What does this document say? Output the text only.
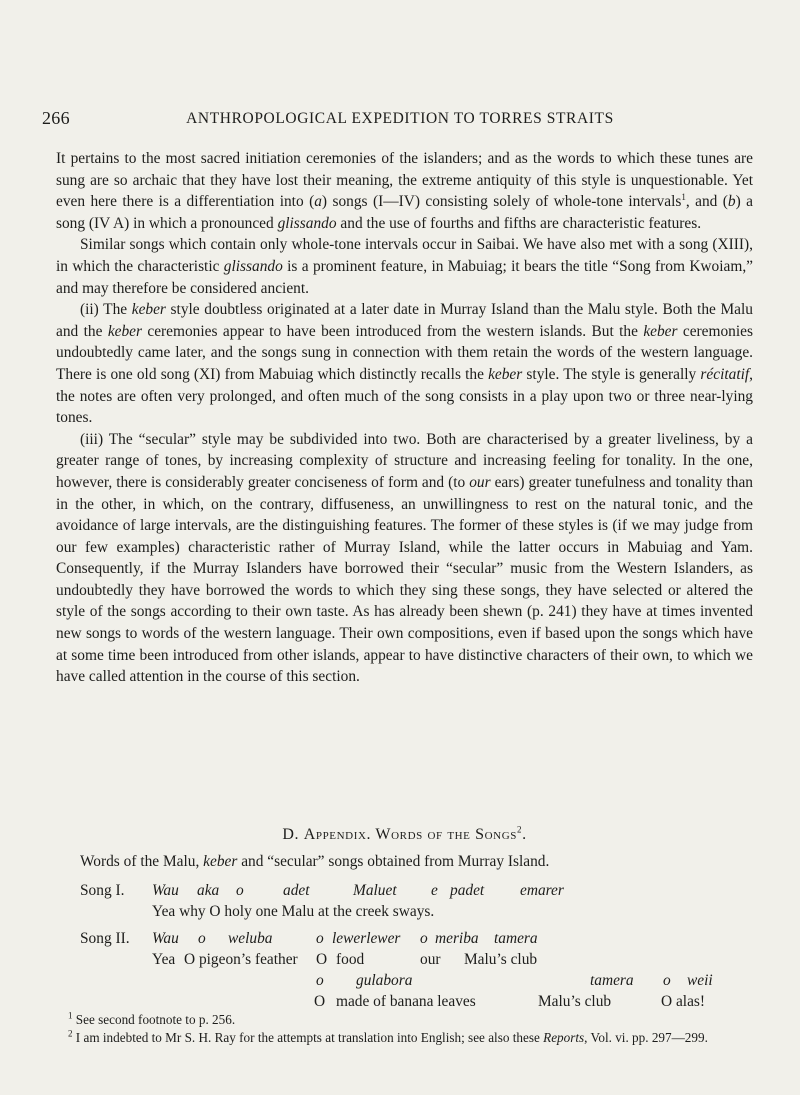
266	ANTHROPOLOGICAL EXPEDITION TO TORRES STRAITS

It pertains to the most sacred initiation ceremonies of the islanders; and as the words to which these tunes are sung are so archaic that they have lost their meaning, the extreme antiquity of this style is unquestionable. Yet even here there is a differentiation into (a) songs (I—IV) consisting solely of whole-tone intervals$^1$, and (b) a song (IV A) in which a pronounced glissando and the use of fourths and fifths are characteristic features.

Similar songs which contain only whole-tone intervals occur in Saibai. We have also met with a song (XIII), in which the characteristic glissando is a prominent feature, in Mabuiag; it bears the title “Song from Kwoiam,” and may therefore be considered ancient.

(ii) The keber style doubtless originated at a later date in Murray Island than the Malu style. Both the Malu and the keber ceremonies appear to have been introduced from the western islands. But the keber ceremonies undoubtedly came later, and the songs sung in connection with them retain the words of the western language. There is one old song (XI) from Mabuiag which distinctly recalls the keber style. The style is generally récitatif, the notes are often very prolonged, and often much of the song consists in a play upon two or three near-lying tones.

(iii) The “secular” style may be subdivided into two. Both are characterised by a greater liveliness, by a greater range of tones, by increasing complexity of structure and increasing feeling for tonality. In the one, however, there is considerably greater conciseness of form and (to our ears) greater tunefulness and tonality than in the other, in which, on the contrary, diffuseness, an unwillingness to rest on the natural tonic, and the avoidance of large intervals, are the distinguishing features. The former of these styles is (if we may judge from our few examples) characteristic rather of Murray Island, while the latter occurs in Mabuiag and Yam. Consequently, if the Murray Islanders have borrowed their “secular” music from the Western Islanders, as undoubtedly they have borrowed the words to which they sing these songs, they have selected or altered the style of the songs according to their own taste. As has already been shewn (p. 241) they have at times invented new songs to words of the western language. Their own compositions, even if based upon the songs which have at some time been introduced from other islands, appear to have distinctive characters of their own, to which we have called attention in the course of this section.

D. Appendix. Words of the Songs$^2$.
Words of the Malu, keber and “secular” songs obtained from Murray Island.
Song I. Wau aka o	adet	Maluet e padet emarer
Yea why O holy one Malu at the creek sways.
Song II. Wau o weluba	o lewerlewer o meriba tamera
Yea O pigeon’s feather O food	our Malu’s club
o gulabora	tamera o weii
O made of banana leaves	Malu’s club	O alas!

$^1$ See second footnote to p. 256.

$^2$ I am indebted to Mr S. H. Ray for the attempts at translation into English; see also these Reports, Vol. vi. pp. 297—299.
